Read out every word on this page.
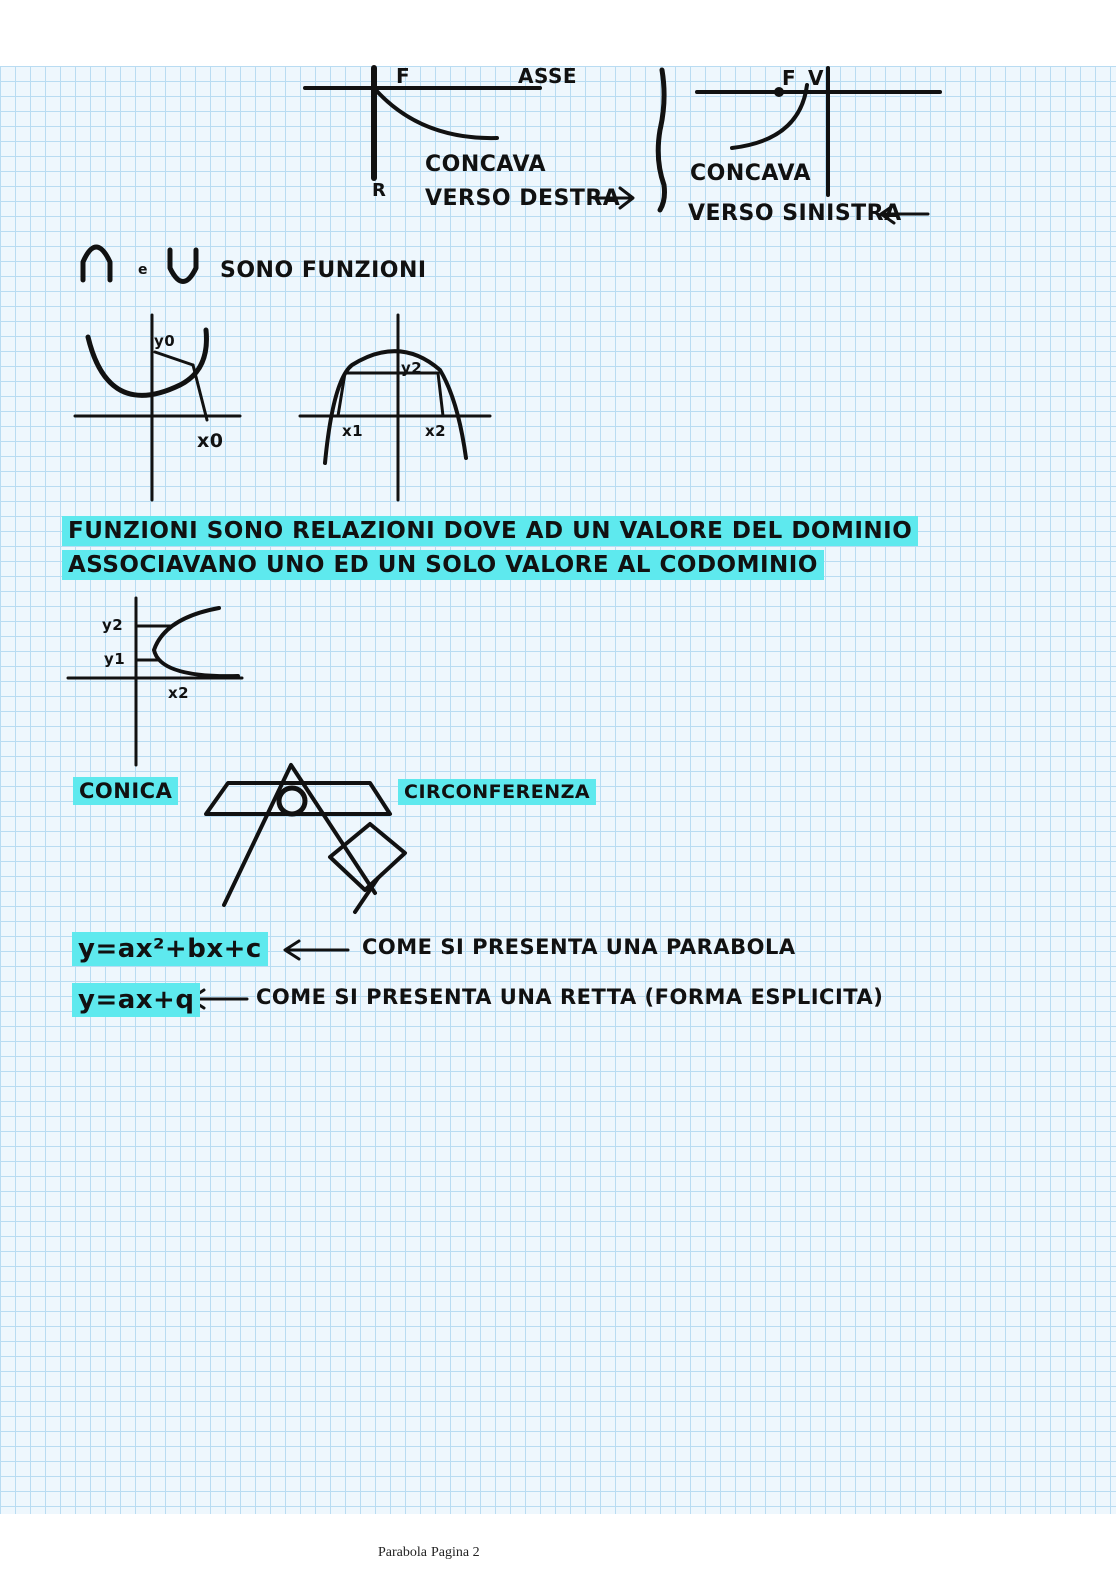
F	ASSE

R

CONCAVA

VERSO DESTRA

F V

CONCAVA

VERSO SINISTRA

e	SONO FUNZIONI

y0

x0

y2

x1	x2

FUNZIONI SONO RELAZIONI DOVE AD UN VALORE DEL DOMINIO

ASSOCIAVANO UNO ED UN SOLO VALORE AL CODOMINIO

y2

y1

x2

CONICA	CIRCONFERENZA

y=ax²+bx+c	COME SI PRESENTA UNA PARABOLA

y=ax+q	COME SI PRESENTA UNA RETTA (FORMA ESPLICITA)

Parabola Pagina 2
